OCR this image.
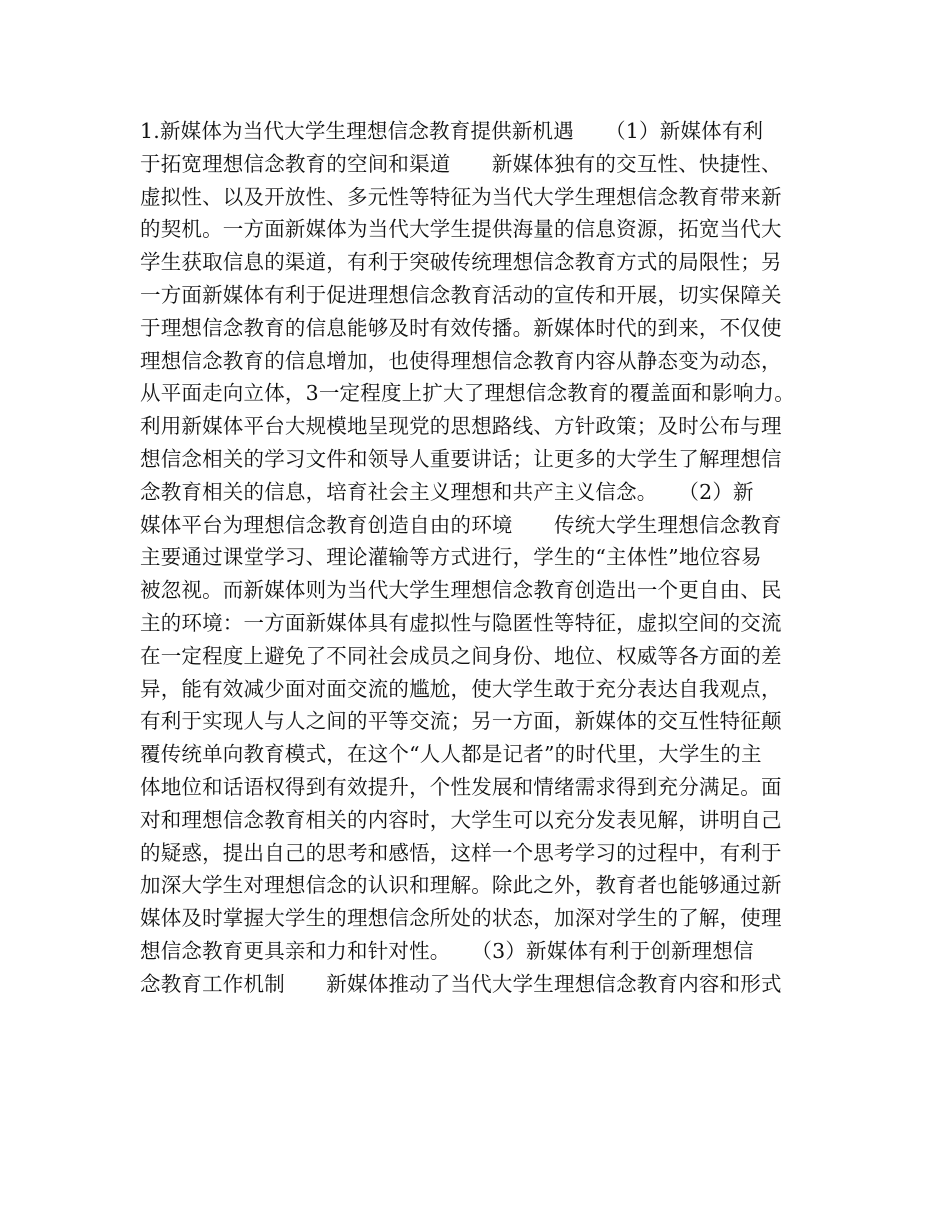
1.新媒体为当代大学生理想信念教育提供新机遇　　（1）新媒体有利
于拓宽理想信念教育的空间和渠道　　新媒体独有的交互性、快捷性、
虚拟性、以及开放性、多元性等特征为当代大学生理想信念教育带来新
的契机。一方面新媒体为当代大学生提供海量的信息资源，拓宽当代大
学生获取信息的渠道，有利于突破传统理想信念教育方式的局限性；另
一方面新媒体有利于促进理想信念教育活动的宣传和开展，切实保障关
于理想信念教育的信息能够及时有效传播。新媒体时代的到来，不仅使
理想信念教育的信息增加，也使得理想信念教育内容从静态变为动态，
从平面走向立体，3一定程度上扩大了理想信念教育的覆盖面和影响力。
利用新媒体平台大规模地呈现党的思想路线、方针政策；及时公布与理
想信念相关的学习文件和领导人重要讲话；让更多的大学生了解理想信
念教育相关的信息，培育社会主义理想和共产主义信念。　　（2）新
媒体平台为理想信念教育创造自由的环境　　传统大学生理想信念教育
主要通过课堂学习、理论灌输等方式进行，学生的“主体性”地位容易
被忽视。而新媒体则为当代大学生理想信念教育创造出一个更自由、民
主的环境：一方面新媒体具有虚拟性与隐匿性等特征，虚拟空间的交流
在一定程度上避免了不同社会成员之间身份、地位、权威等各方面的差
异，能有效减少面对面交流的尴尬，使大学生敢于充分表达自我观点，
有利于实现人与人之间的平等交流；另一方面，新媒体的交互性特征颠
覆传统单向教育模式，在这个“人人都是记者”的时代里，大学生的主
体地位和话语权得到有效提升，个性发展和情绪需求得到充分满足。面
对和理想信念教育相关的内容时，大学生可以充分发表见解，讲明自己
的疑惑，提出自己的思考和感悟，这样一个思考学习的过程中，有利于
加深大学生对理想信念的认识和理解。除此之外，教育者也能够通过新
媒体及时掌握大学生的理想信念所处的状态，加深对学生的了解，使理
想信念教育更具亲和力和针对性。　　（3）新媒体有利于创新理想信
念教育工作机制　　新媒体推动了当代大学生理想信念教育内容和形式
